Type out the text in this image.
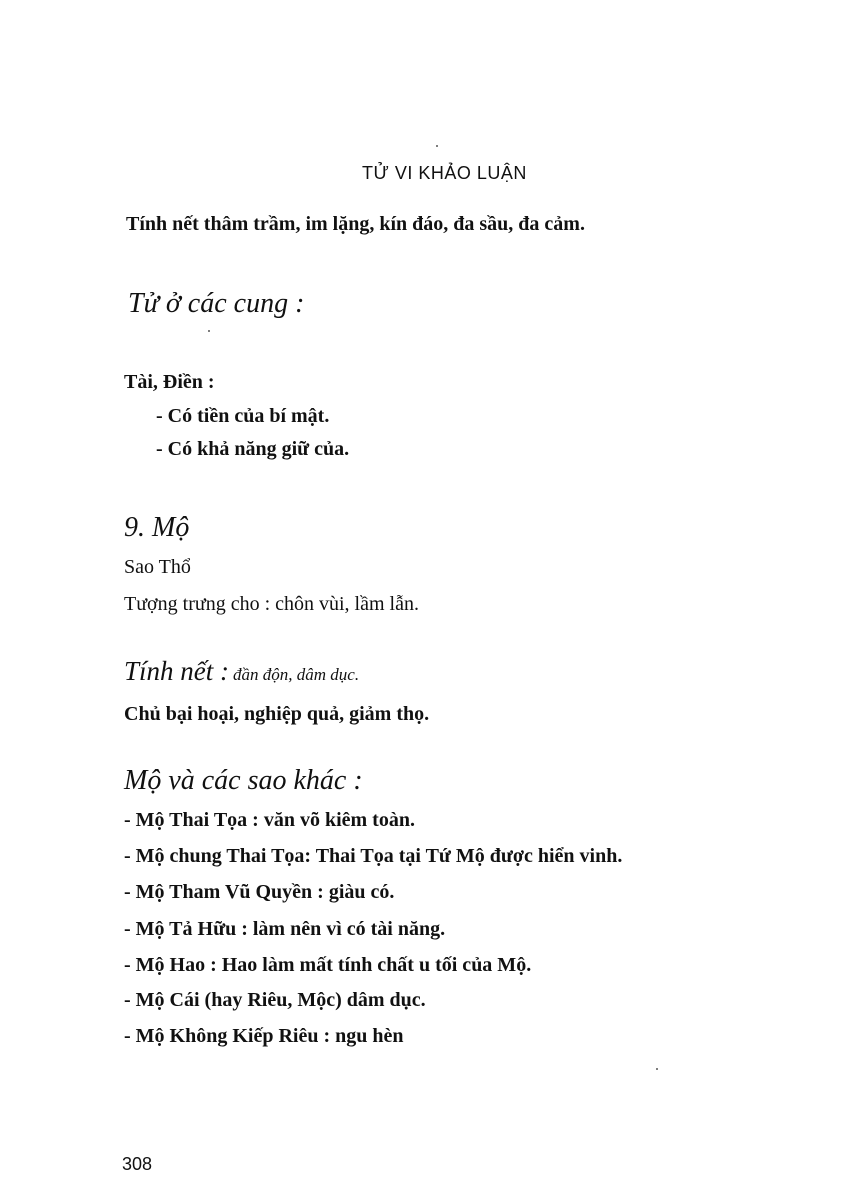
TỬ VI KHẢO LUẬN
Tính nết thâm trầm, im lặng, kín đáo, đa sầu, đa cảm.
Tử ở các cung :
Tài, Điền :
- Có tiền của bí mật.
- Có khả năng giữ của.
9. Mộ
Sao Thổ
Tượng trưng cho : chôn vùi, lầm lẫn.
Tính nết : đần độn, dâm dục.
Chủ bại hoại, nghiệp quả, giảm thọ.
Mộ và các sao khác :
- Mộ Thai Tọa : văn võ kiêm toàn.
- Mộ chung Thai Tọa: Thai Tọa tại Tứ Mộ được hiển vinh.
- Mộ Tham Vũ Quyền : giàu có.
- Mộ Tả Hữu : làm nên vì có tài năng.
- Mộ Hao : Hao làm mất tính chất u tối của Mộ.
- Mộ Cái (hay Riêu, Mộc) dâm dục.
- Mộ Không Kiếp Riêu : ngu hèn
308
